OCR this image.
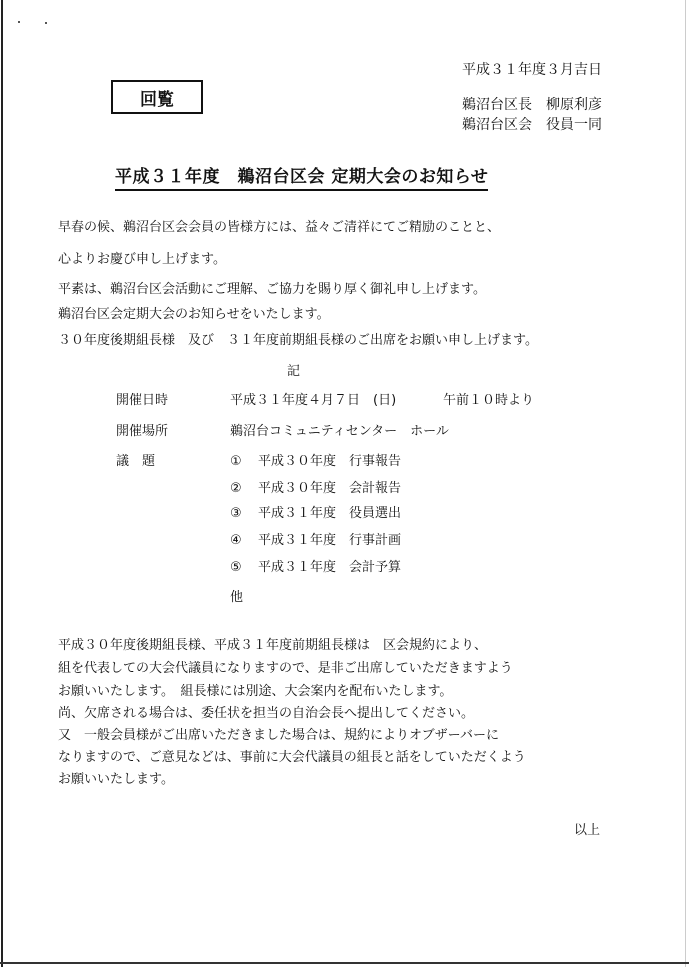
平成３１年度３月吉日
鵜沼台区長　柳原利彦
鵜沼台区会　役員一同
回覧
平成３１年度　鵜沼台区会 定期大会のお知らせ
早春の候、鵜沼台区会会員の皆様方には、益々ご清祥にてご精励のことと、
心よりお慶び申し上げます。
平素は、鵜沼台区会活動にご理解、ご協力を賜り厚く御礼申し上げます。
鵜沼台区会定期大会のお知らせをいたします。
３０年度後期組長様　及び　３１年度前期組長様のご出席をお願い申し上げます。
記
開催日時	平成３１年度４月７日　(日)	午前１０時より
開催場所	鵜沼台コミュニティセンター　ホール
議　題	① 平成３０年度　行事報告
② 平成３０年度　会計報告
③ 平成３１年度　役員選出
④ 平成３１年度　行事計画
⑤ 平成３１年度　会計予算
他
平成３０年度後期組長様、平成３１年度前期組長様は　区会規約により、
組を代表しての大会代議員になりますので、是非ご出席していただきますよう
お願いいたします。　組長様には別途、大会案内を配布いたします。
尚、欠席される場合は、委任状を担当の自治会長へ提出してください。
又　一般会員様がご出席いただきました場合は、規約によりオブザーバーに
なりますので、ご意見などは、事前に大会代議員の組長と話をしていただくよう
お願いいたします。
以上
